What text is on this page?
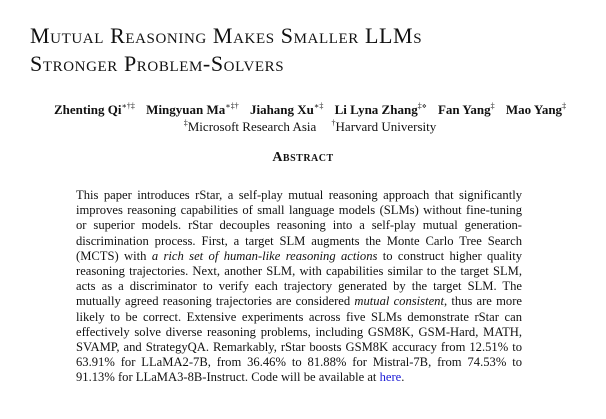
Mutual Reasoning Makes Smaller LLMs
Stronger Problem-Solvers
Zhenting Qi∗†‡ Mingyuan Ma∗‡† Jiahang Xu∗‡ Li Lyna Zhang‡⋄ Fan Yang‡ Mao Yang‡
‡Microsoft Research Asia †Harvard University
Abstract

This paper introduces rStar, a self-play mutual reasoning approach that significantly improves reasoning capabilities of small language models (SLMs) without fine-tuning or superior models. rStar decouples reasoning into a self-play mutual generation-discrimination process. First, a target SLM augments the Monte Carlo Tree Search (MCTS) with a rich set of human-like reasoning actions to construct higher quality reasoning trajectories. Next, another SLM, with capabilities similar to the target SLM, acts as a discriminator to verify each trajectory generated by the target SLM. The mutually agreed reasoning trajectories are considered mutual consistent, thus are more likely to be correct. Extensive experiments across five SLMs demonstrate rStar can effectively solve diverse reasoning problems, including GSM8K, GSM-Hard, MATH, SVAMP, and StrategyQA. Remarkably, rStar boosts GSM8K accuracy from 12.51% to 63.91% for LLaMA2-7B, from 36.46% to 81.88% for Mistral-7B, from 74.53% to 91.13% for LLaMA3-8B-Instruct. Code will be available at here.
